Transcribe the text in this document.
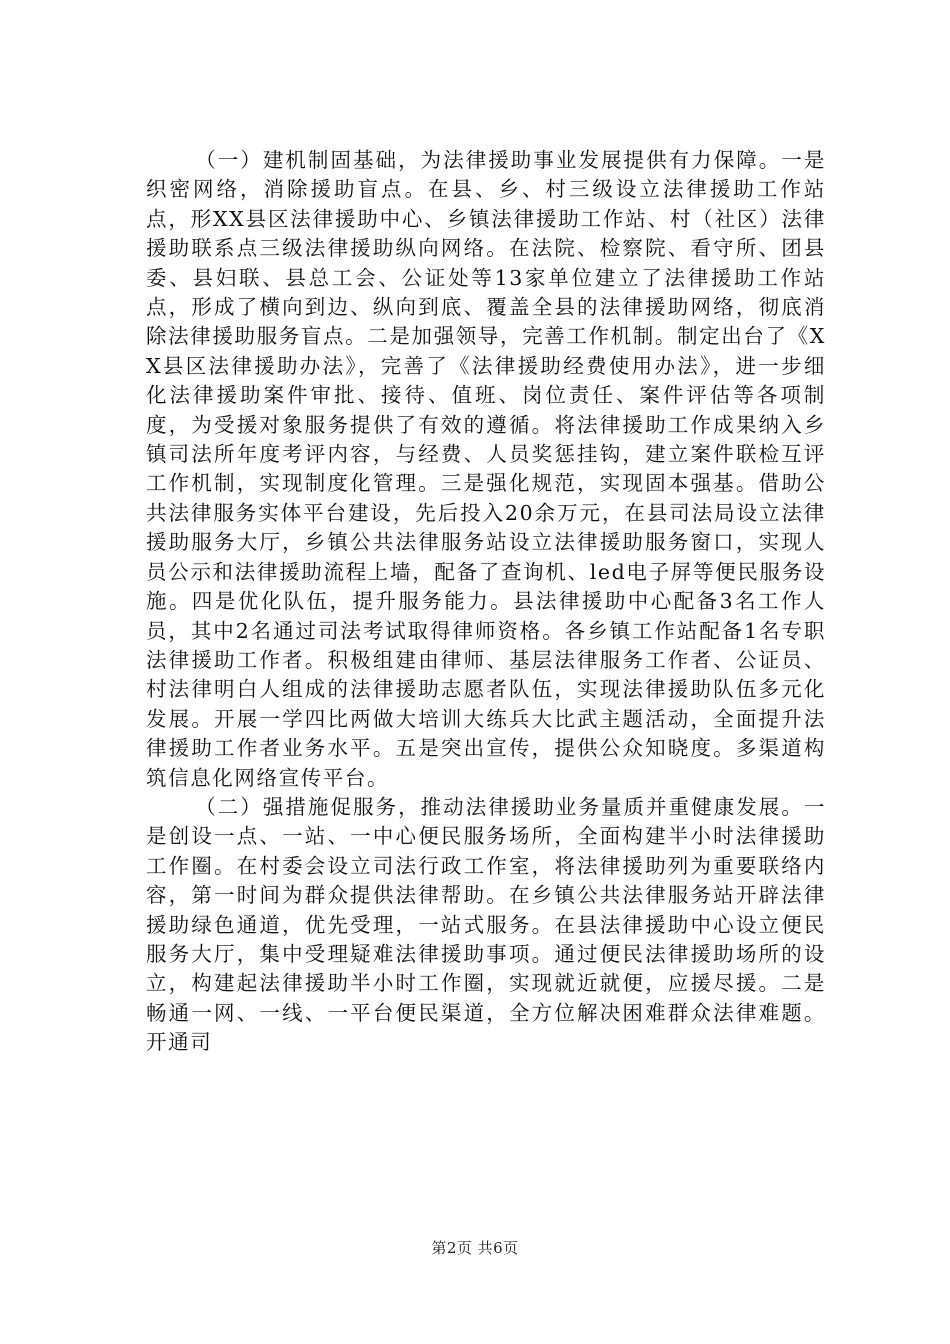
（一）建机制固基础，为法律援助事业发展提供有力保障。一是织密网络，消除援助盲点。在县、乡、村三级设立法律援助工作站点，形XX县区法律援助中心、乡镇法律援助工作站、村（社区）法律援助联系点三级法律援助纵向网络。在法院、检察院、看守所、团县委、县妇联、县总工会、公证处等13家单位建立了法律援助工作站点，形成了横向到边、纵向到底、覆盖全县的法律援助网络，彻底消除法律援助服务盲点。二是加强领导，完善工作机制。制定出台了《XX县区法律援助办法》，完善了《法律援助经费使用办法》，进一步细化法律援助案件审批、接待、值班、岗位责任、案件评估等各项制度，为受援对象服务提供了有效的遵循。将法律援助工作成果纳入乡镇司法所年度考评内容，与经费、人员奖惩挂钩，建立案件联检互评工作机制，实现制度化管理。三是强化规范，实现固本强基。借助公共法律服务实体平台建设，先后投入20余万元，在县司法局设立法律援助服务大厅，乡镇公共法律服务站设立法律援助服务窗口，实现人员公示和法律援助流程上墙，配备了查询机、led电子屏等便民服务设施。四是优化队伍，提升服务能力。县法律援助中心配备3名工作人员，其中2名通过司法考试取得律师资格。各乡镇工作站配备1名专职法律援助工作者。积极组建由律师、基层法律服务工作者、公证员、村法律明白人组成的法律援助志愿者队伍，实现法律援助队伍多元化发展。开展一学四比两做大培训大练兵大比武主题活动，全面提升法律援助工作者业务水平。五是突出宣传，提供公众知晓度。多渠道构筑信息化网络宣传平台。

（二）强措施促服务，推动法律援助业务量质并重健康发展。一是创设一点、一站、一中心便民服务场所，全面构建半小时法律援助工作圈。在村委会设立司法行政工作室，将法律援助列为重要联络内容，第一时间为群众提供法律帮助。在乡镇公共法律服务站开辟法律援助绿色通道，优先受理，一站式服务。在县法律援助中心设立便民服务大厅，集中受理疑难法律援助事项。通过便民法律援助场所的设立，构建起法律援助半小时工作圈，实现就近就便，应援尽援。二是畅通一网、一线、一平台便民渠道，全方位解决困难群众法律难题。开通司

第2页 共6页
